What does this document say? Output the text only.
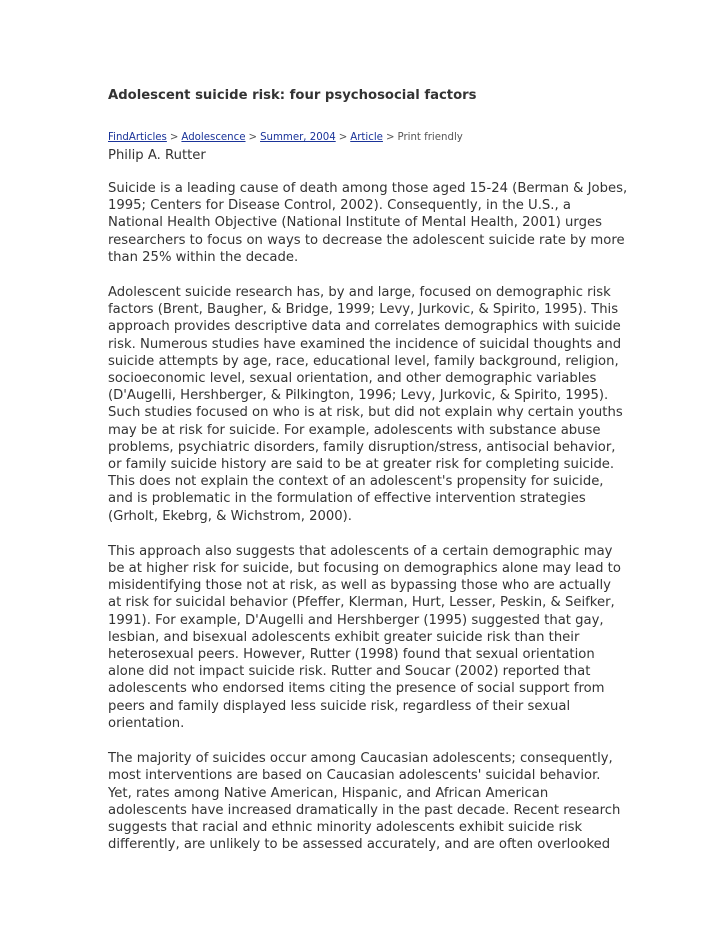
Adolescent suicide risk: four psychosocial factors
FindArticles > Adolescence > Summer, 2004 > Article > Print friendly
Philip A. Rutter

Suicide is a leading cause of death among those aged 15-24 (Berman & Jobes, 1995; Centers for Disease Control, 2002). Consequently, in the U.S., a National Health Objective (National Institute of Mental Health, 2001) urges researchers to focus on ways to decrease the adolescent suicide rate by more than 25% within the decade.

Adolescent suicide research has, by and large, focused on demographic risk factors (Brent, Baugher, & Bridge, 1999; Levy, Jurkovic, & Spirito, 1995). This approach provides descriptive data and correlates demographics with suicide risk. Numerous studies have examined the incidence of suicidal thoughts and suicide attempts by age, race, educational level, family background, religion, socioeconomic level, sexual orientation, and other demographic variables (D'Augelli, Hershberger, & Pilkington, 1996; Levy, Jurkovic, & Spirito, 1995). Such studies focused on who is at risk, but did not explain why certain youths may be at risk for suicide. For example, adolescents with substance abuse problems, psychiatric disorders, family disruption/stress, antisocial behavior, or family suicide history are said to be at greater risk for completing suicide. This does not explain the context of an adolescent's propensity for suicide, and is problematic in the formulation of effective intervention strategies (Grholt, Ekebrg, & Wichstrom, 2000).

This approach also suggests that adolescents of a certain demographic may be at higher risk for suicide, but focusing on demographics alone may lead to misidentifying those not at risk, as well as bypassing those who are actually at risk for suicidal behavior (Pfeffer, Klerman, Hurt, Lesser, Peskin, & Seifker, 1991). For example, D'Augelli and Hershberger (1995) suggested that gay, lesbian, and bisexual adolescents exhibit greater suicide risk than their heterosexual peers. However, Rutter (1998) found that sexual orientation alone did not impact suicide risk. Rutter and Soucar (2002) reported that adolescents who endorsed items citing the presence of social support from peers and family displayed less suicide risk, regardless of their sexual orientation.

The majority of suicides occur among Caucasian adolescents; consequently, most interventions are based on Caucasian adolescents' suicidal behavior. Yet, rates among Native American, Hispanic, and African American adolescents have increased dramatically in the past decade. Recent research suggests that racial and ethnic minority adolescents exhibit suicide risk differently, are unlikely to be assessed accurately, and are often overlooked
